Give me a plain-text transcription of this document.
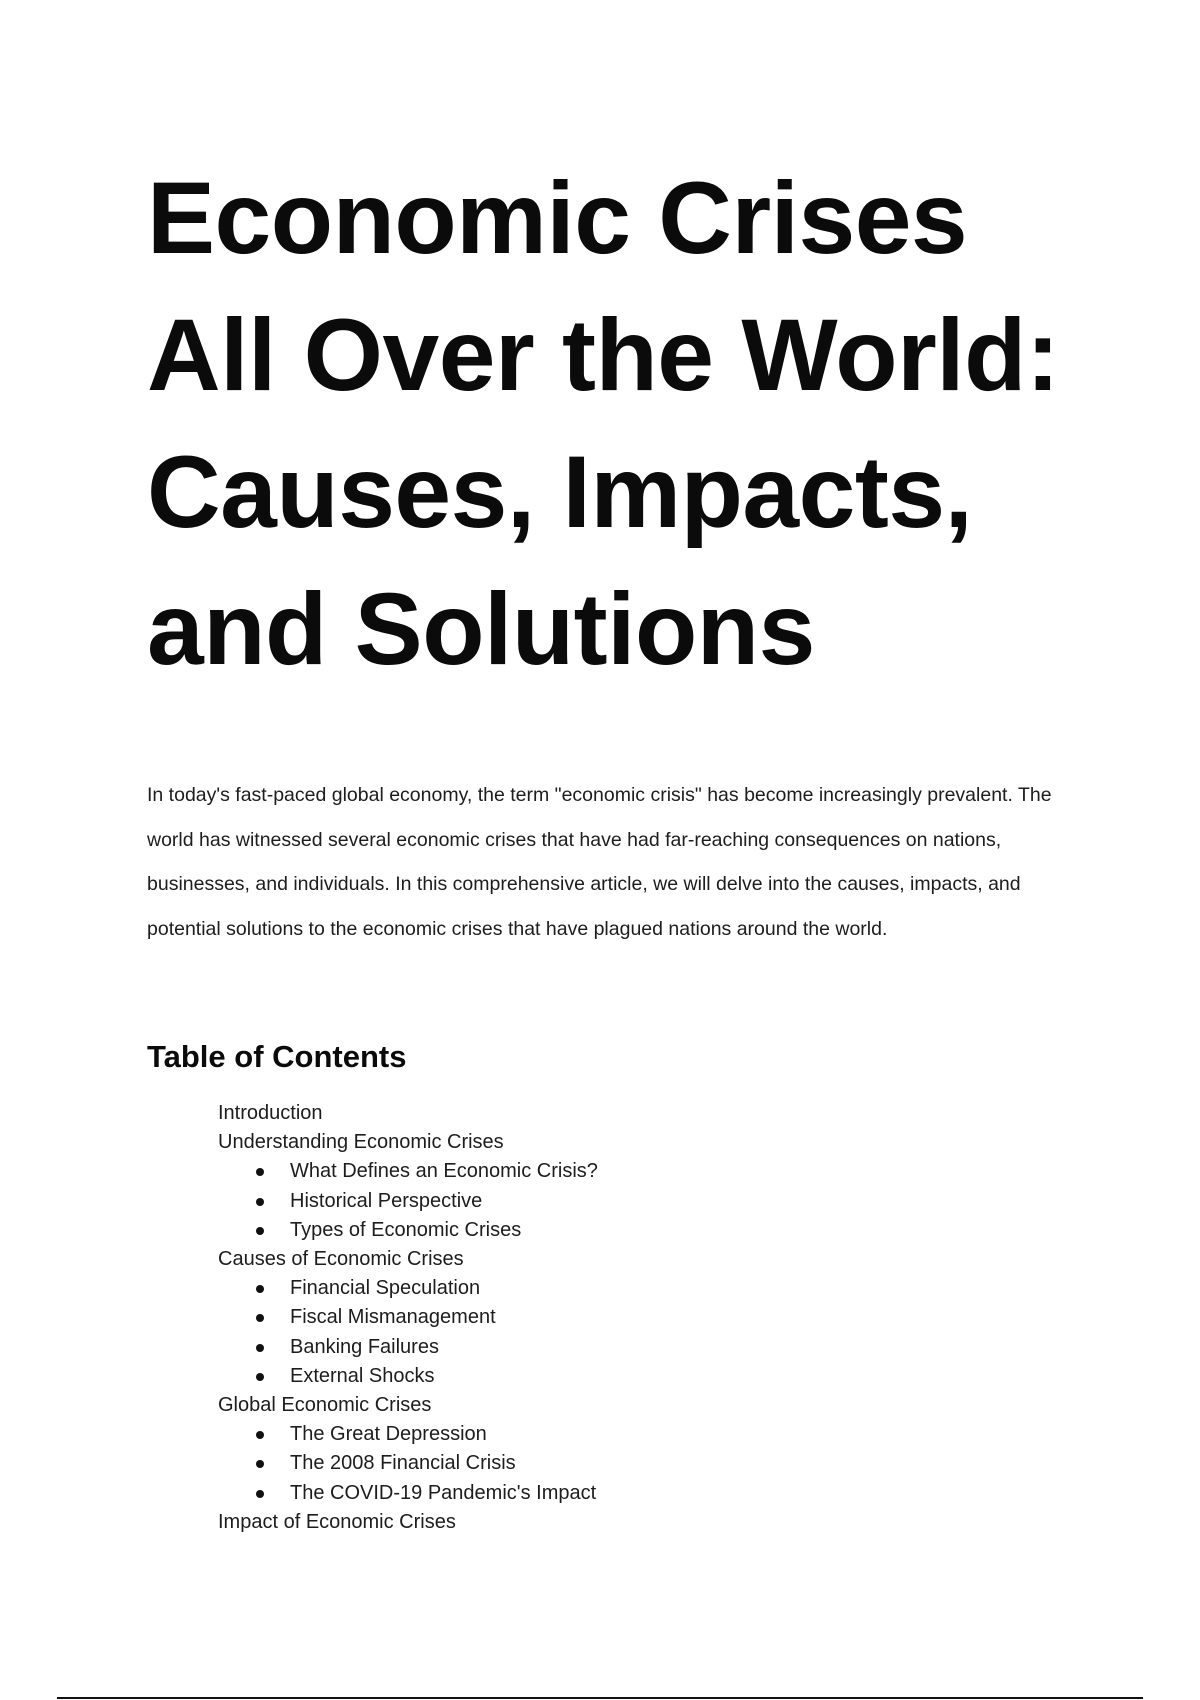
Economic Crises
All Over the World:
Causes, Impacts,
and Solutions

In today's fast-paced global economy, the term "economic crisis" has become increasingly prevalent. The world has witnessed several economic crises that have had far-reaching consequences on nations, businesses, and individuals. In this comprehensive article, we will delve into the causes, impacts, and potential solutions to the economic crises that have plagued nations around the world.

Table of Contents
Introduction
Understanding Economic Crises
What Defines an Economic Crisis?
Historical Perspective
Types of Economic Crises
Causes of Economic Crises
Financial Speculation
Fiscal Mismanagement
Banking Failures
External Shocks
Global Economic Crises
The Great Depression
The 2008 Financial Crisis
The COVID-19 Pandemic's Impact
Impact of Economic Crises
